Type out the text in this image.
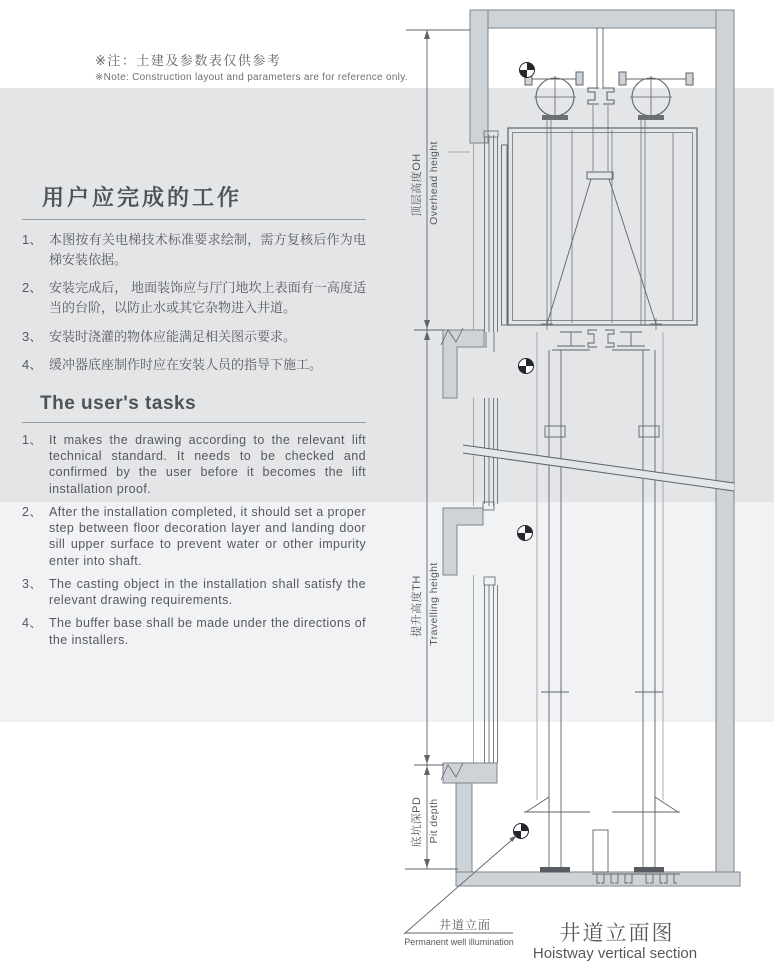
※注：土建及参数表仅供参考
※Note: Construction layout and parameters are for reference only.
用户应完成的工作
1、 本图按有关电梯技术标准要求绘制，需方复核后作为电梯安装依据。
2、 安装完成后， 地面装饰应与厅门地坎上表面有一高度适当的台阶，以防止水或其它杂物进入井道。
3、 安装时浇灌的物体应能满足相关图示要求。
4、 缓冲器底座制作时应在安装人员的指导下施工。
The user's tasks
1、 It makes the drawing according to the relevant lift technical standard. It needs to be checked and confirmed by the user before it becomes the lift installation proof.
2、 After the installation completed, it should set a proper step between floor decoration layer and landing door sill upper surface to prevent water or other impurity enter into shaft.
3、 The casting object in the installation shall satisfy the relevant drawing requirements.
4、 The buffer base shall be made under the directions of the installers.
顶层高度OH Overhead height
提升高度TH Travelling height
底坑深PD Pit depth
井道立面
Permanent well illumination 井道立面图
Hoistway vertical section
